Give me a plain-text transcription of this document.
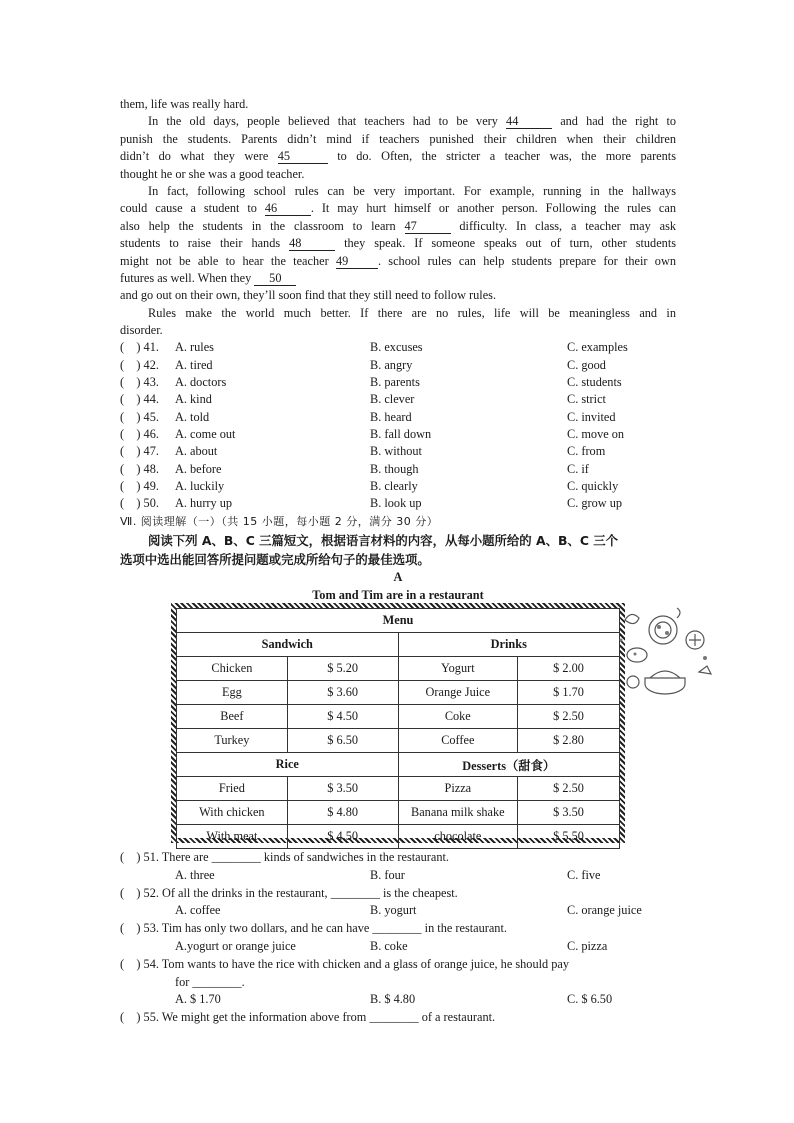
them, life was really hard.
In the old days, people believed that teachers had to be very 44	and had the right to
punish the students. Parents didn’t mind if teachers punished their children when their children
didn’t do what they were 45	to do. Often, the stricter a teacher was, the more parents
thought he or she was a good teacher.
In fact, following school rules can be very important. For example, running in the hallways
could cause a student to 46	. It may hurt himself or another person. Following the rules can
also help the students in the classroom to learn 47	difficulty. In class, a teacher may ask
students to raise their hands 48	they speak. If someone speaks out of turn, other students
might not be able to hear the teacher 49 . school rules can help students prepare for their own
futures as well. When they 50
and go out on their own, they’ll soon find that they still need to follow rules.
Rules make the world much better. If there are no rules, life will be meaningless and in
disorder.
(    ) 41. A. rules	B. excuses	C. examples
(    ) 42. A. tired	B. angry	C. good
(    ) 43. A. doctors	B. parents	C. students
(    ) 44. A. kind	B. clever	C. strict
(    ) 45. A. told	B. heard	C. invited
(    ) 46. A. come out	B. fall down	C. move on
(    ) 47. A. about	B. without	C. from
(    ) 48. A. before	B. though	C. if
(    ) 49. A. luckily	B. clearly	C. quickly
(    ) 50. A. hurry up	B. look up	C. grow up
Ⅶ. 阅读理解（一）（共 15 小题，每小题 2 分，满分 30 分）
阅读下列 A、B、C 三篇短文，根据语言材料的内容，从每小题所给的 A、B、C 三个
选项中选出能回答所提问题或完成所给句子的最佳选项。
A
Tom and Tim are in a restaurant
Menu			
Sandwich		Drinks	
Chicken	$ 5.20	Yogurt	$ 2.00
Egg	$ 3.60	Orange Juice	$ 1.70
Beef	$ 4.50	Coke	$ 2.50
Turkey	$ 6.50	Coffee	$ 2.80
Rice		Desserts（甜食）	
Fried	$ 3.50	Pizza	$ 2.50
With chicken	$ 4.80	Banana milk shake	$ 3.50
With meat	$ 4.50	chocolate	$ 5.50
(    ) 51. There are ________ kinds of sandwiches in the restaurant.
A. three	B. four	C. five
(    ) 52. Of all the drinks in the restaurant, ________ is the cheapest.
A. coffee	B. yogurt	C. orange juice
(    ) 53. Tim has only two dollars, and he can have ________ in the restaurant.
A.yogurt or orange juice	B. coke	C. pizza
(    ) 54. Tom wants to have the rice with chicken and a glass of orange juice, he should pay
for ________.
A. $ 1.70	B. $ 4.80	C. $ 6.50
(    ) 55. We might get the information above from ________ of a restaurant.
